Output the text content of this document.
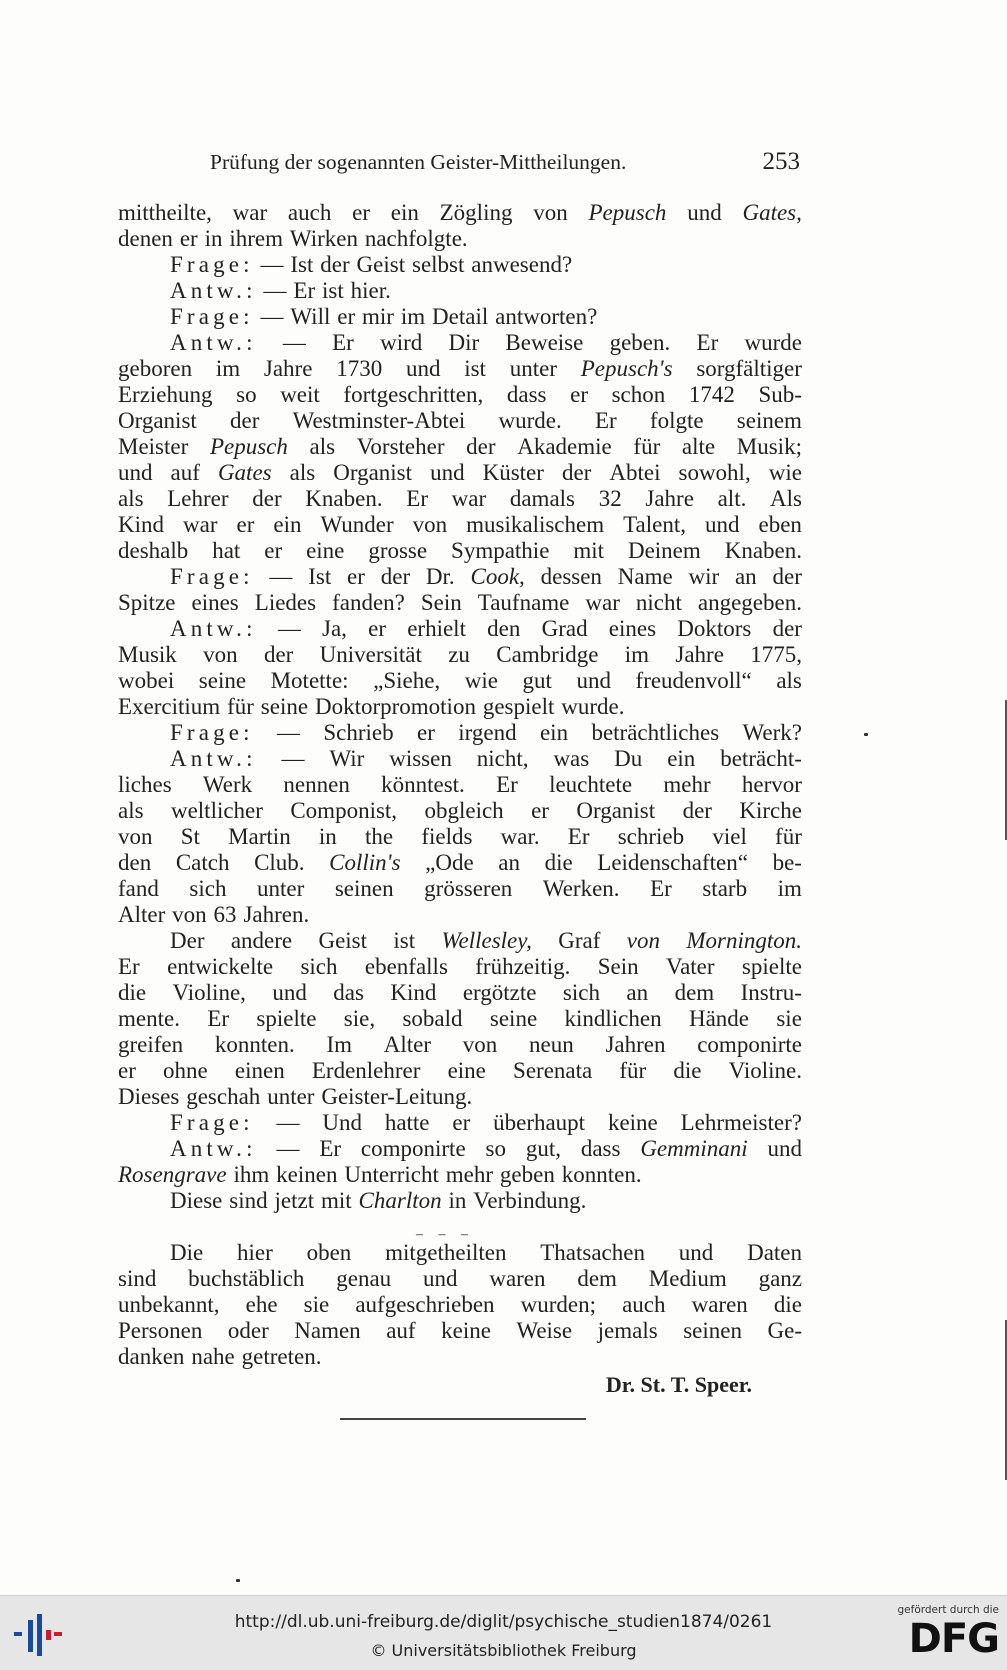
Prüfung der sogenannten Geister-Mittheilungen.	253
mittheilte, war auch er ein Zögling von Pepusch und Gates,
denen er in ihrem Wirken nachfolgte.
Frage: — Ist der Geist selbst anwesend?
Antw.: — Er ist hier.
Frage: — Will er mir im Detail antworten?
Antw.: — Er wird Dir Beweise geben. Er wurde
geboren im Jahre 1730 und ist unter Pepusch's sorgfältiger
Erziehung so weit fortgeschritten, dass er schon 1742 Sub-
Organist der Westminster-Abtei wurde. Er folgte seinem
Meister Pepusch als Vorsteher der Akademie für alte Musik;
und auf Gates als Organist und Küster der Abtei sowohl, wie
als Lehrer der Knaben. Er war damals 32 Jahre alt. Als
Kind war er ein Wunder von musikalischem Talent, und eben
deshalb hat er eine grosse Sympathie mit Deinem Knaben.
Frage: — Ist er der Dr. Cook, dessen Name wir an der
Spitze eines Liedes fanden? Sein Taufname war nicht angegeben.
Antw.: — Ja, er erhielt den Grad eines Doktors der
Musik von der Universität zu Cambridge im Jahre 1775,
wobei seine Motette: „Siehe, wie gut und freudenvoll“ als
Exercitium für seine Doktorpromotion gespielt wurde.
Frage: — Schrieb er irgend ein beträchtliches Werk?
Antw.: — Wir wissen nicht, was Du ein beträcht-
liches Werk nennen könntest. Er leuchtete mehr hervor
als weltlicher Componist, obgleich er Organist der Kirche
von St Martin in the fields war. Er schrieb viel für
den Catch Club. Collin's „Ode an die Leidenschaften“ be-
fand sich unter seinen grösseren Werken. Er starb im
Alter von 63 Jahren.
Der andere Geist ist Wellesley, Graf von Mornington.
Er entwickelte sich ebenfalls frühzeitig. Sein Vater spielte
die Violine, und das Kind ergötzte sich an dem Instru-
mente. Er spielte sie, sobald seine kindlichen Hände sie
greifen konnten. Im Alter von neun Jahren componirte
er ohne einen Erdenlehrer eine Serenata für die Violine.
Dieses geschah unter Geister-Leitung.
Frage: — Und hatte er überhaupt keine Lehrmeister?
Antw.: — Er componirte so gut, dass Gemminani und
Rosengrave ihm keinen Unterricht mehr geben konnten.
Diese sind jetzt mit Charlton in Verbindung.
– – –
Die hier oben mitgetheilten Thatsachen und Daten
sind buchstäblich genau und waren dem Medium ganz
unbekannt, ehe sie aufgeschrieben wurden; auch waren die
Personen oder Namen auf keine Weise jemals seinen Ge-
danken nahe getreten.
Dr. St. T. Speer.
http://dl.ub.uni-freiburg.de/diglit/psychische_studien1874/0261
© Universitätsbibliothek Freiburg
gefördert durch die
DFG
